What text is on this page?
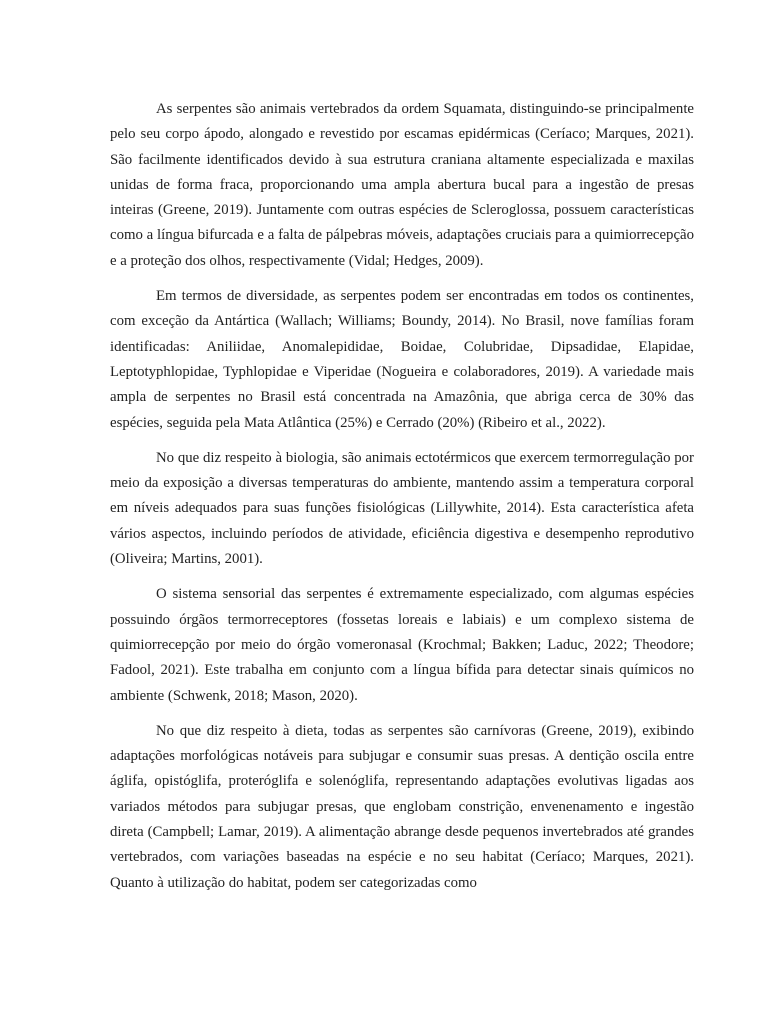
As serpentes são animais vertebrados da ordem Squamata, distinguindo-se principalmente pelo seu corpo ápodo, alongado e revestido por escamas epidérmicas (Ceríaco; Marques, 2021). São facilmente identificados devido à sua estrutura craniana altamente especializada e maxilas unidas de forma fraca, proporcionando uma ampla abertura bucal para a ingestão de presas inteiras (Greene, 2019). Juntamente com outras espécies de Scleroglossa, possuem características como a língua bifurcada e a falta de pálpebras móveis, adaptações cruciais para a quimiorrecepção e a proteção dos olhos, respectivamente (Vidal; Hedges, 2009).

Em termos de diversidade, as serpentes podem ser encontradas em todos os continentes, com exceção da Antártica (Wallach; Williams; Boundy, 2014). No Brasil, nove famílias foram identificadas: Aniliidae, Anomalepididae, Boidae, Colubridae, Dipsadidae, Elapidae, Leptotyphlopidae, Typhlopidae e Viperidae (Nogueira e colaboradores, 2019). A variedade mais ampla de serpentes no Brasil está concentrada na Amazônia, que abriga cerca de 30% das espécies, seguida pela Mata Atlântica (25%) e Cerrado (20%) (Ribeiro et al., 2022).

No que diz respeito à biologia, são animais ectotérmicos que exercem termorregulação por meio da exposição a diversas temperaturas do ambiente, mantendo assim a temperatura corporal em níveis adequados para suas funções fisiológicas (Lillywhite, 2014). Esta característica afeta vários aspectos, incluindo períodos de atividade, eficiência digestiva e desempenho reprodutivo (Oliveira; Martins, 2001).

O sistema sensorial das serpentes é extremamente especializado, com algumas espécies possuindo órgãos termorreceptores (fossetas loreais e labiais) e um complexo sistema de quimiorrecepção por meio do órgão vomeronasal (Krochmal; Bakken; Laduc, 2022; Theodore; Fadool, 2021). Este trabalha em conjunto com a língua bífida para detectar sinais químicos no ambiente (Schwenk, 2018; Mason, 2020).

No que diz respeito à dieta, todas as serpentes são carnívoras (Greene, 2019), exibindo adaptações morfológicas notáveis para subjugar e consumir suas presas. A dentição oscila entre áglifa, opistóglifa, proteróglifa e solenóglifa, representando adaptações evolutivas ligadas aos variados métodos para subjugar presas, que englobam constrição, envenenamento e ingestão direta (Campbell; Lamar, 2019). A alimentação abrange desde pequenos invertebrados até grandes vertebrados, com variações baseadas na espécie e no seu habitat (Ceríaco; Marques, 2021). Quanto à utilização do habitat, podem ser categorizadas como
